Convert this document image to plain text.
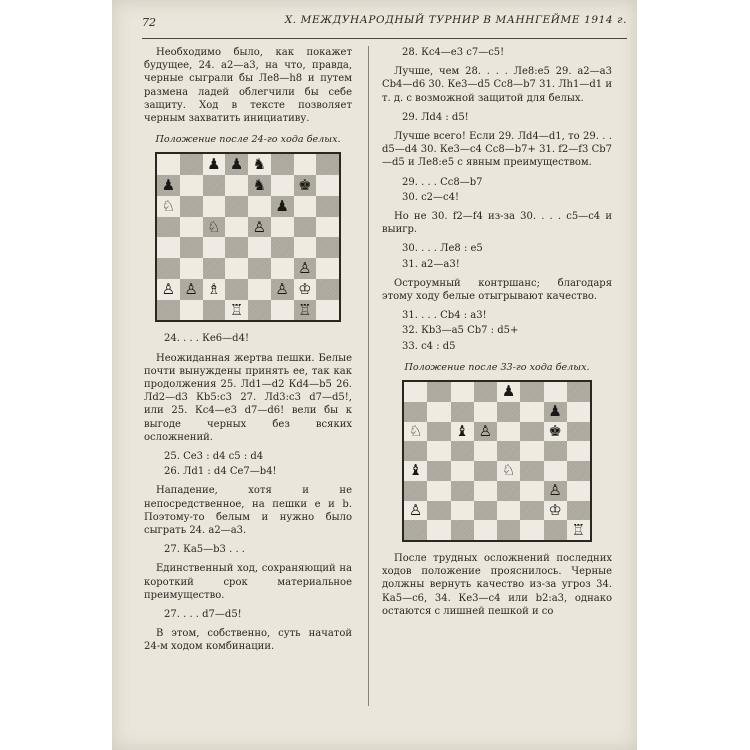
72	Х. МЕЖДУНАРОДНЫЙ ТУРНИР В МАННГЕЙМЕ 1914 г.

Необходимо было, как покажет будущее, 24. a2—a3, на что, правда, черные сыграли бы Ле8—h8 и путем размена ладей облегчили бы себе защиту. Ход в тексте позволяет черным захватить инициативу.

Положение после 24-го хода белых.
♟ ♟ ♞
♟	♞ ♚
♘	♟
♘ ♙
♙
♙ ♙ ♗	♙ ♔
♖	♖
24. . . . Ке6—d4!

Неожиданная жертва пешки. Белые почти вынуждены принять ее, так как продолжения 25. Лd1—d2 Кd4—b5 26. Лd2—d3 Кb5:c3 27. Лd3:c3 d7—d5!, или 25. Кc4—e3 d7—d6! вели бы к выгоде черных без всяких осложнений.

25. Сe3 : d4 c5 : d4
26. Лd1 : d4 Сe7—b4!

Нападение, хотя и не непосредственное, на пешки e и b. Поэтому-то белым и нужно было сыграть 24. a2—a3.

27. Кa5—b3 . . .

Единственный ход, сохраняющий на короткий срок материальное преимущество.

27. . . . d7—d5!

В этом, собственно, суть начатой 24-м ходом комбинации.

28. Кc4—e3 c7—c5!

Лучше, чем 28. . . . Ле8:e5 29. a2—a3 Сb4—d6 30. Кe3—d5 Сc8—b7 31. Лh1—d1 и т. д. с возможной защитой для белых.

29. Лd4 : d5!

Лучше всего! Если 29. Лd4—d1, то 29. . . d5—d4 30. Кe3—c4 Сc8—b7+ 31. f2—f3 Сb7—d5 и Ле8:e5 с явным преимуществом.

29. . . . Сc8—b7
30. c2—c4!

Но не 30. f2—f4 из-за 30. . . . c5—c4 и выигр.

30. . . . Ле8 : e5
31. a2—a3!

Остроумный контршанс; благодаря этому ходу белые отыгрывают качество.

31. . . . Сb4 : a3!
32. Кb3—a5 Сb7 : d5+
33. c4 : d5
Положение после 33-го хода белых.
♟
♟
♘ ♝ ♙	♚
♝	♘
♙
♙	♔
♖

После трудных осложнений последних ходов положение прояснилось. Черные должны вернуть качество из-за угроз 34. Кa5—c6, 34. Кe3—c4 или b2:a3, однако остаются с лишней пешкой и со
